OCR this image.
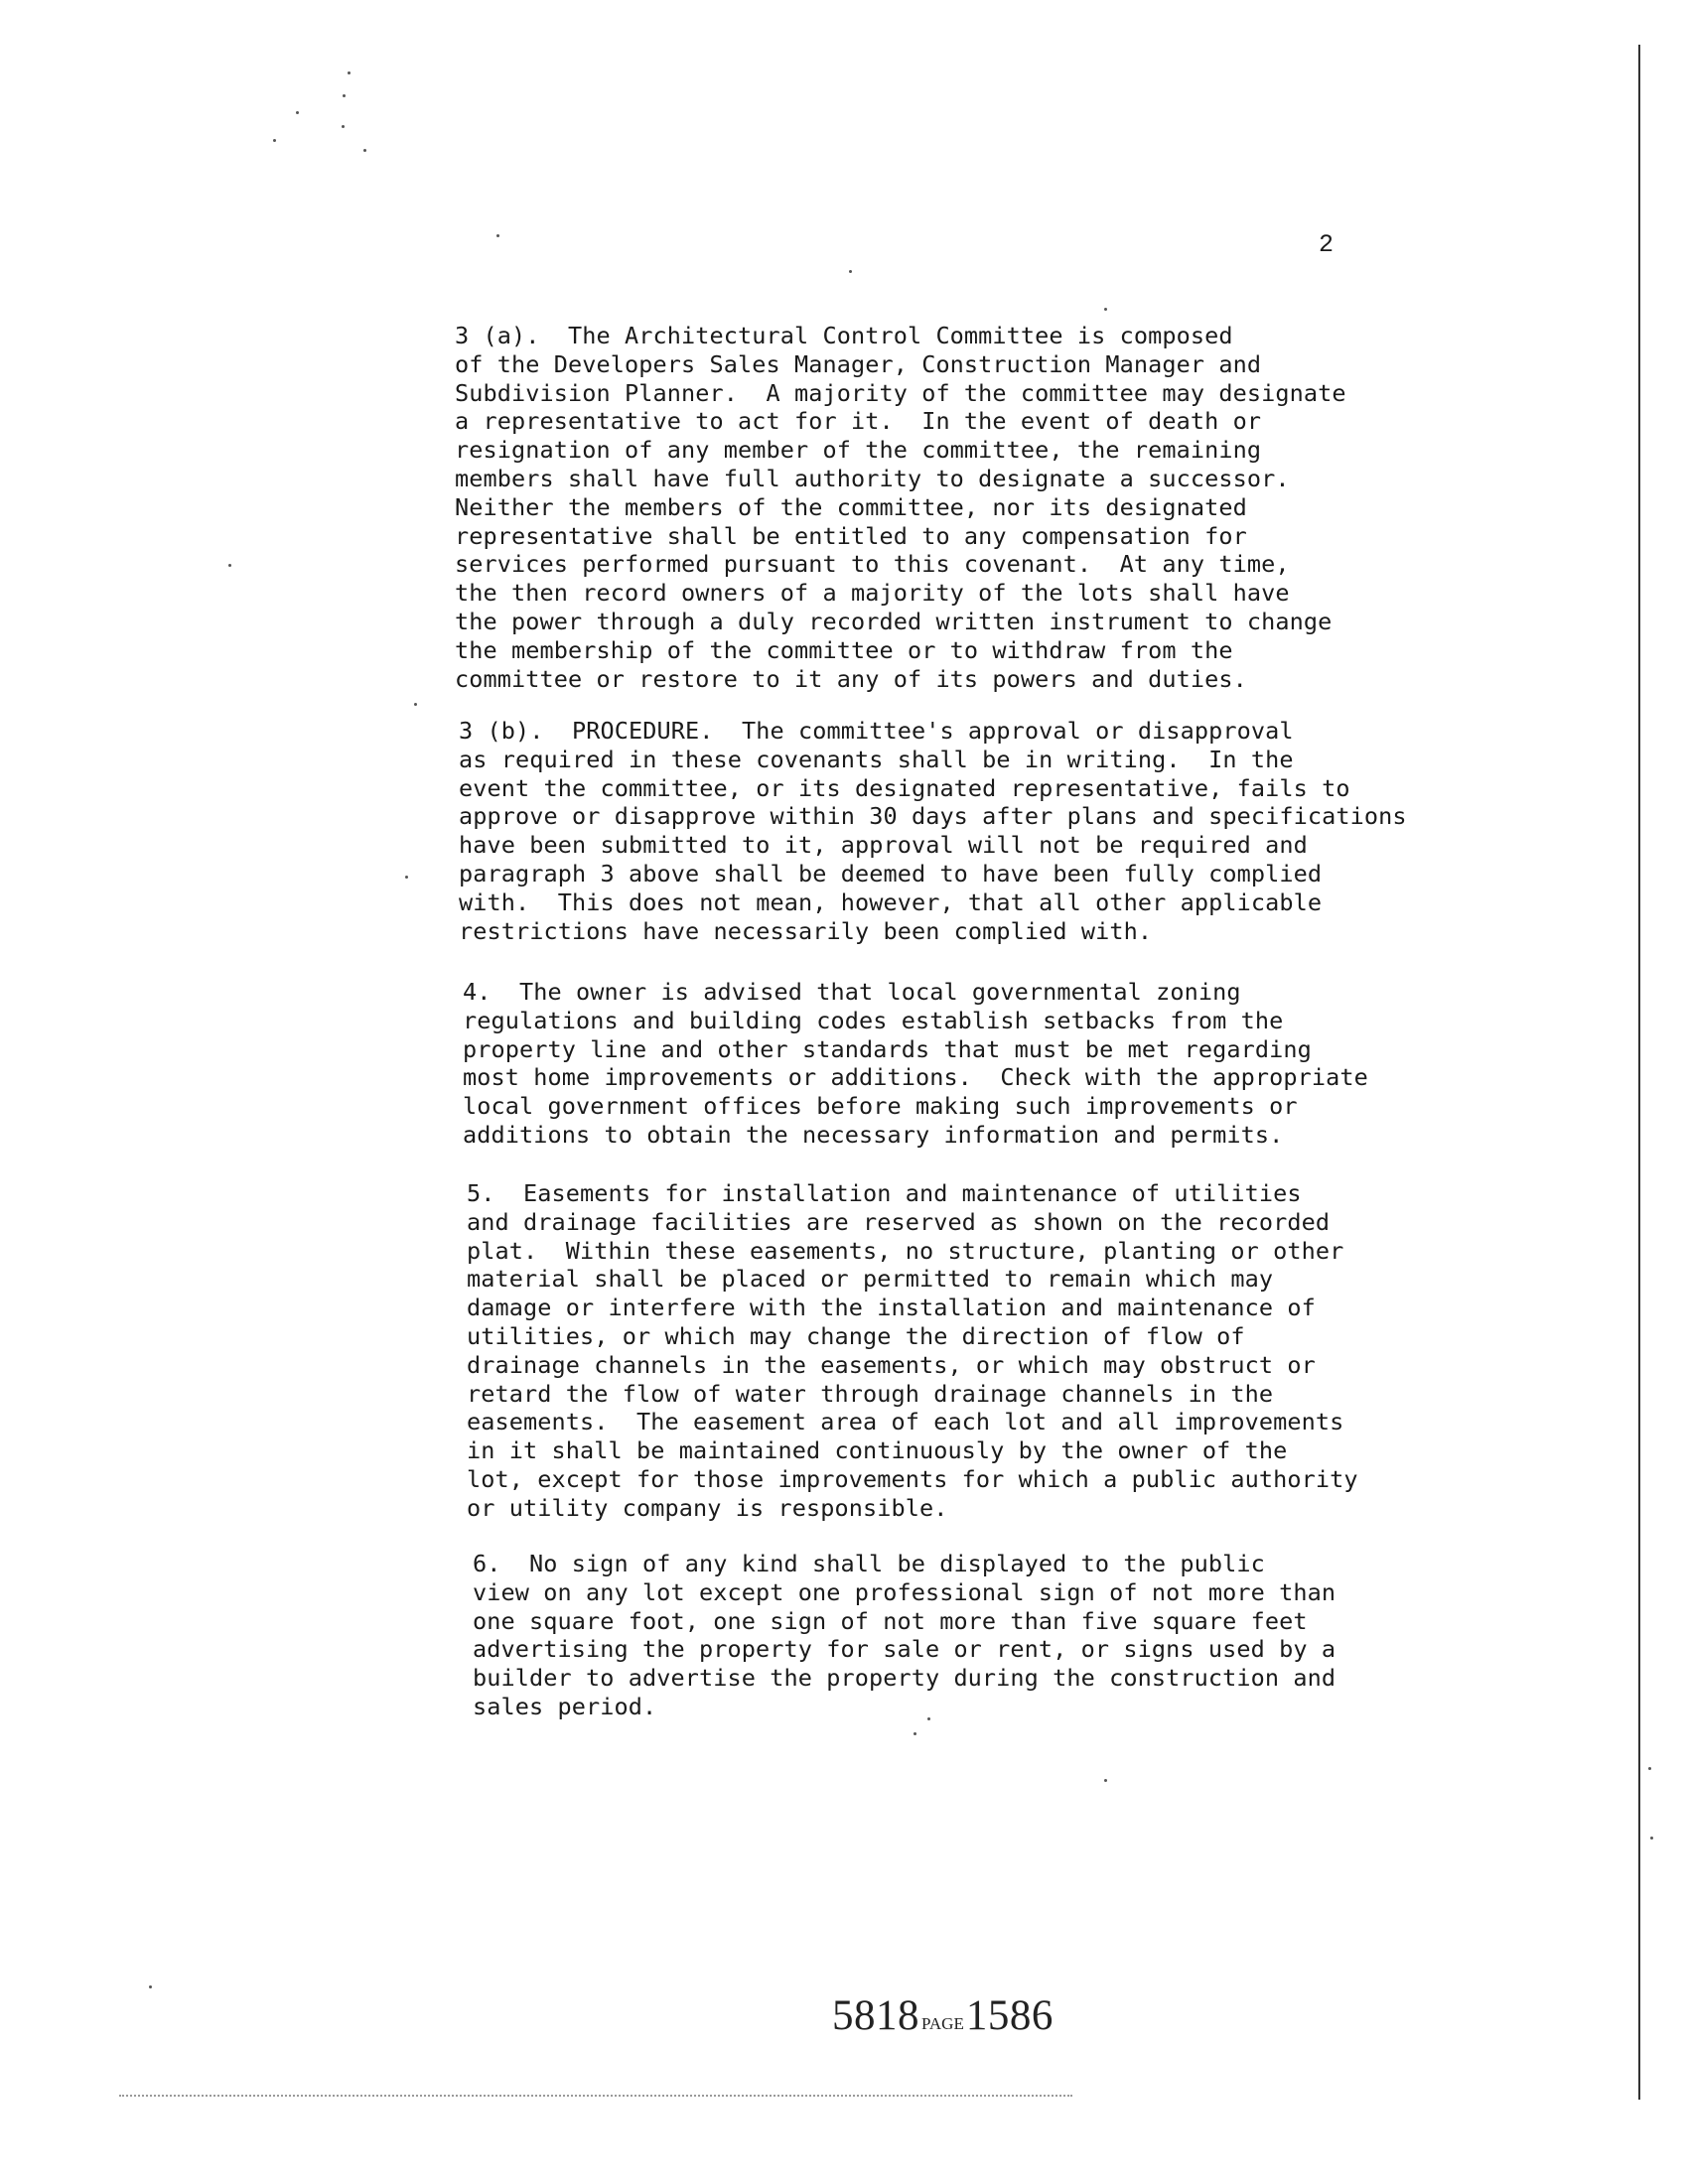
2
3 (a).  The Architectural Control Committee is composed
of the Developers Sales Manager, Construction Manager and
Subdivision Planner.  A majority of the committee may designate
a representative to act for it.  In the event of death or
resignation of any member of the committee, the remaining
members shall have full authority to designate a successor.
Neither the members of the committee, nor its designated
representative shall be entitled to any compensation for
services performed pursuant to this covenant.  At any time,
the then record owners of a majority of the lots shall have
the power through a duly recorded written instrument to change
the membership of the committee or to withdraw from the
committee or restore to it any of its powers and duties.
3 (b).  PROCEDURE.  The committee's approval or disapproval
as required in these covenants shall be in writing.  In the
event the committee, or its designated representative, fails to
approve or disapprove within 30 days after plans and specifications
have been submitted to it, approval will not be required and
paragraph 3 above shall be deemed to have been fully complied
with.  This does not mean, however, that all other applicable
restrictions have necessarily been complied with.
4.  The owner is advised that local governmental zoning
regulations and building codes establish setbacks from the
property line and other standards that must be met regarding
most home improvements or additions.  Check with the appropriate
local government offices before making such improvements or
additions to obtain the necessary information and permits.
5.  Easements for installation and maintenance of utilities
and drainage facilities are reserved as shown on the recorded
plat.  Within these easements, no structure, planting or other
material shall be placed or permitted to remain which may
damage or interfere with the installation and maintenance of
utilities, or which may change the direction of flow of
drainage channels in the easements, or which may obstruct or
retard the flow of water through drainage channels in the
easements.  The easement area of each lot and all improvements
in it shall be maintained continuously by the owner of the
lot, except for those improvements for which a public authority
or utility company is responsible.
6.  No sign of any kind shall be displayed to the public
view on any lot except one professional sign of not more than
one square foot, one sign of not more than five square feet
advertising the property for sale or rent, or signs used by a
builder to advertise the property during the construction and
sales period.
5818 PAGE1586
